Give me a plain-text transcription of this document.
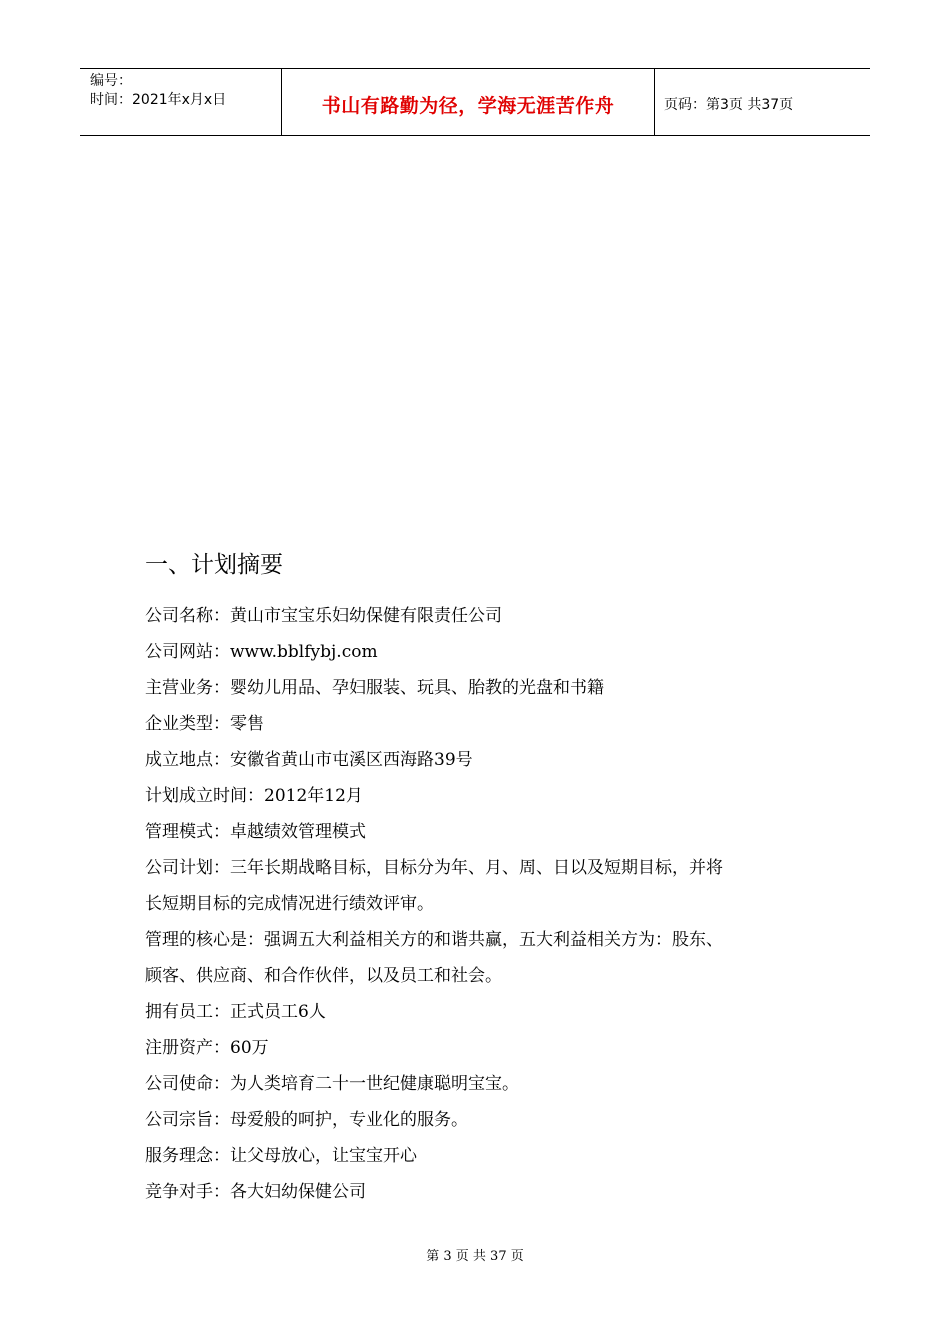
编号：
时间：2021年x月x日	书山有路勤为径，学海无涯苦作舟	页码：第3页 共37页
一、计划摘要
公司名称：黄山市宝宝乐妇幼保健有限责任公司
公司网站：www.bblfybj.com
主营业务：婴幼儿用品、孕妇服装、玩具、胎教的光盘和书籍
企业类型：零售
成立地点：安徽省黄山市屯溪区西海路39号
计划成立时间：2012年12月
管理模式：卓越绩效管理模式
公司计划：三年长期战略目标，目标分为年、月、周、日以及短期目标，并将
长短期目标的完成情况进行绩效评审。
管理的核心是：强调五大利益相关方的和谐共赢，五大利益相关方为：股东、
顾客、供应商、和合作伙伴，以及员工和社会。
拥有员工：正式员工6人
注册资产：60万
公司使命：为人类培育二十一世纪健康聪明宝宝。
公司宗旨：母爱般的呵护，专业化的服务。
服务理念：让父母放心，让宝宝开心
竞争对手：各大妇幼保健公司
第 3 页 共 37 页
